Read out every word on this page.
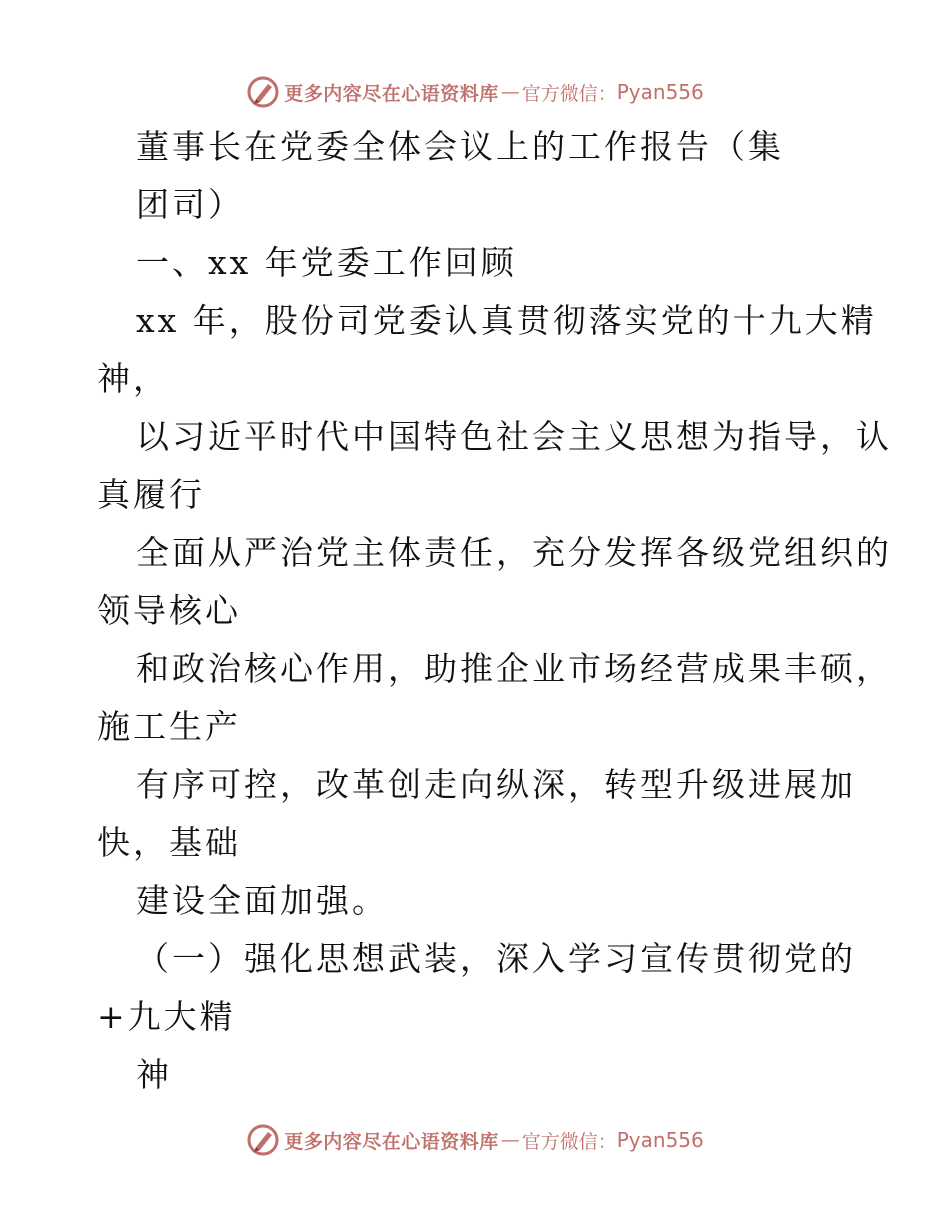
更多内容尽在心语资料库 — 官方微信： Pyan556
董事长在党委全体会议上的工作报告（集
团司）
一、xx 年党委工作回顾
xx 年，股份司党委认真贯彻落实党的十九大精
神，
以习近平时代中国特色社会主义思想为指导，认
真履行
全面从严治党主体责任，充分发挥各级党组织的
领导核心
和政治核心作用，助推企业市场经营成果丰硕，
施工生产
有序可控，改革创走向纵深，转型升级进展加
快，基础
建设全面加强。
（一）强化思想武装，深入学习宣传贯彻党的
+九大精
神
更多内容尽在心语资料库 — 官方微信： Pyan556
